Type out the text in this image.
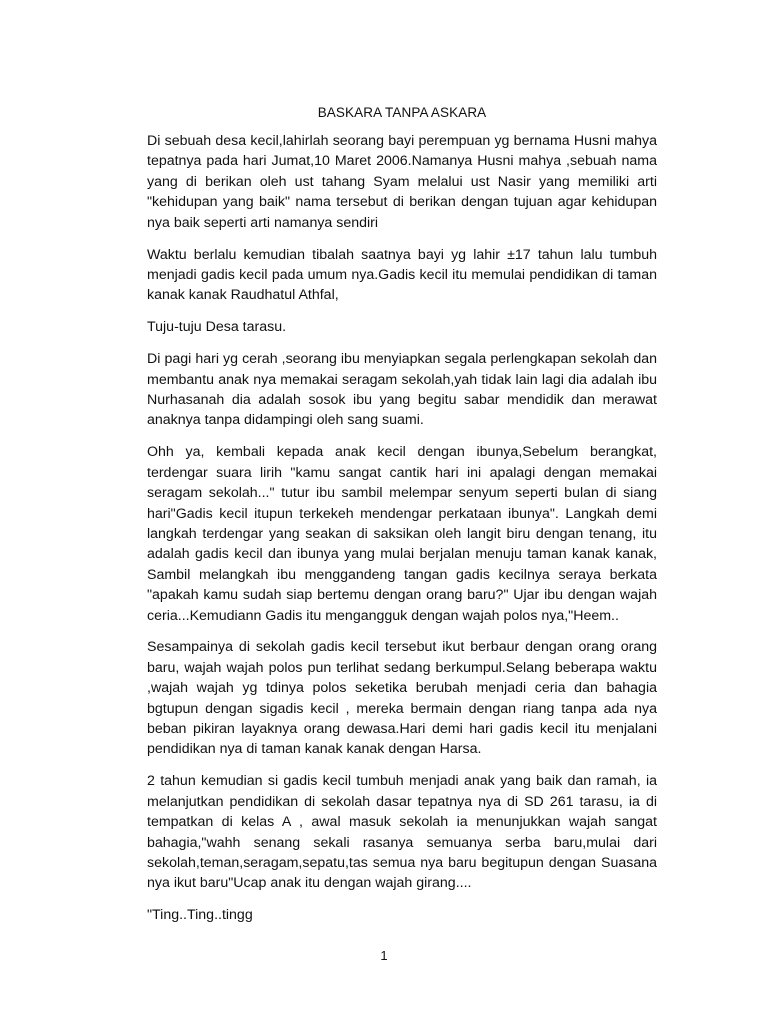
BASKARA TANPA ASKARA

Di sebuah desa kecil,lahirlah seorang bayi perempuan yg bernama Husni mahya tepatnya pada hari Jumat,10 Maret 2006.Namanya Husni mahya ,sebuah nama yang di berikan oleh ust tahang Syam melalui ust Nasir yang memiliki arti "kehidupan yang baik" nama tersebut di berikan dengan tujuan agar kehidupan nya baik seperti arti namanya sendiri

Waktu berlalu kemudian tibalah saatnya bayi yg lahir ±17 tahun lalu tumbuh menjadi gadis kecil pada umum nya.Gadis kecil itu memulai pendidikan di taman kanak kanak Raudhatul Athfal,

Tuju-tuju Desa tarasu.

Di pagi hari yg cerah ,seorang ibu menyiapkan segala perlengkapan sekolah dan membantu anak nya memakai seragam sekolah,yah tidak lain lagi dia adalah ibu Nurhasanah dia adalah sosok ibu yang begitu sabar mendidik dan merawat anaknya tanpa didampingi oleh sang suami.

Ohh ya, kembali kepada anak kecil dengan ibunya,Sebelum berangkat, terdengar suara lirih "kamu sangat cantik hari ini apalagi dengan memakai seragam sekolah..." tutur ibu sambil melempar senyum seperti bulan di siang hari"Gadis kecil itupun terkekeh mendengar perkataan ibunya". Langkah demi langkah terdengar yang seakan di saksikan oleh langit biru dengan tenang, itu adalah gadis kecil dan ibunya yang mulai berjalan menuju taman kanak kanak, Sambil melangkah ibu menggandeng tangan gadis kecilnya seraya berkata "apakah kamu sudah siap bertemu dengan orang baru?" Ujar ibu dengan wajah ceria...Kemudiann Gadis itu mengangguk dengan wajah polos nya,"Heem..

Sesampainya di sekolah gadis kecil tersebut ikut berbaur dengan orang orang baru, wajah wajah polos pun terlihat sedang berkumpul.Selang beberapa waktu ,wajah wajah yg tdinya polos seketika berubah menjadi ceria dan bahagia bgtupun dengan sigadis kecil , mereka bermain dengan riang tanpa ada nya beban pikiran layaknya orang dewasa.Hari demi hari gadis kecil itu menjalani pendidikan nya di taman kanak kanak dengan Harsa.

2 tahun kemudian si gadis kecil tumbuh menjadi anak yang baik dan ramah, ia melanjutkan pendidikan di sekolah dasar tepatnya nya di SD 261 tarasu, ia di tempatkan di kelas A , awal masuk sekolah ia menunjukkan wajah sangat bahagia,"wahh senang sekali rasanya semuanya serba baru,mulai dari sekolah,teman,seragam,sepatu,tas semua nya baru begitupun dengan Suasana nya ikut baru"Ucap anak itu dengan wajah girang....

"Ting..Ting..tingg

1
